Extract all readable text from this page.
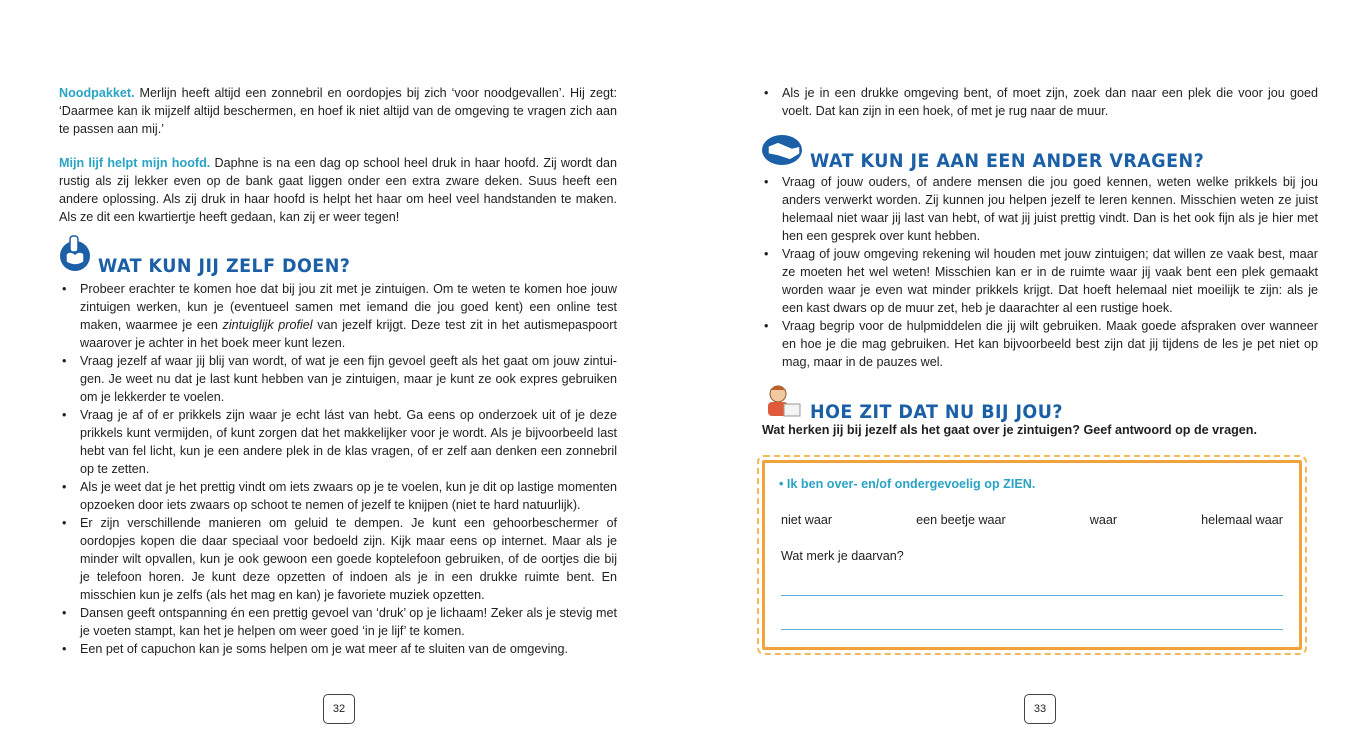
Noodpakket. Merlijn heeft altijd een zonnebril en oordopjes bij zich ‘voor noodgevallen’. Hij zegt: ‘Daarmee kan ik mijzelf altijd beschermen, en hoef ik niet altijd van de omgeving te vragen zich aan te passen aan mij.’

Mijn lijf helpt mijn hoofd. Daphne is na een dag op school heel druk in haar hoofd. Zij wordt dan rustig als zij lekker even op de bank gaat liggen onder een extra zware deken. Suus heeft een andere oplossing. Als zij druk in haar hoofd is helpt het haar om heel veel handstanden te maken. Als ze dit een kwartiertje heeft gedaan, kan zij er weer tegen!

WAT KUN JIJ ZELF DOEN?
• Probeer erachter te komen hoe dat bij jou zit met je zintuigen. Om te weten te komen hoe jouw zintuigen werken, kun je (eventueel samen met iemand die jou goed kent) een online test maken, waarmee je een zintuiglijk profiel van jezelf krijgt. Deze test zit in het autismepaspoort waarover je achter in het boek meer kunt lezen.
• Vraag jezelf af waar jij blij van wordt, of wat je een fijn gevoel geeft als het gaat om jouw zintui-gen. Je weet nu dat je last kunt hebben van je zintuigen, maar je kunt ze ook expres gebruiken om je lekkerder te voelen.
• Vraag je af of er prikkels zijn waar je echt lást van hebt. Ga eens op onderzoek uit of je deze prikkels kunt vermijden, of kunt zorgen dat het makkelijker voor je wordt. Als je bijvoorbeeld last hebt van fel licht, kun je een andere plek in de klas vragen, of er zelf aan denken een zonnebril op te zetten.
• Als je weet dat je het prettig vindt om iets zwaars op je te voelen, kun je dit op lastige momenten opzoeken door iets zwaars op schoot te nemen of jezelf te knijpen (niet te hard natuurlijk).
• Er zijn verschillende manieren om geluid te dempen. Je kunt een gehoorbeschermer of oordopjes kopen die daar speciaal voor bedoeld zijn. Kijk maar eens op internet. Maar als je minder wilt opvallen, kun je ook gewoon een goede koptelefoon gebruiken, of de oortjes die bij je telefoon horen. Je kunt deze opzetten of indoen als je in een drukke ruimte bent. En misschien kun je zelfs (als het mag en kan) je favoriete muziek opzetten.
• Dansen geeft ontspanning én een prettig gevoel van ‘druk’ op je lichaam! Zeker als je stevig met je voeten stampt, kan het je helpen om weer goed ‘in je lijf’ te komen.
• Een pet of capuchon kan je soms helpen om je wat meer af te sluiten van de omgeving.
32
• Als je in een drukke omgeving bent, of moet zijn, zoek dan naar een plek die voor jou goed voelt. Dat kan zijn in een hoek, of met je rug naar de muur.
WAT KUN JE AAN EEN ANDER VRAGEN?
• Vraag of jouw ouders, of andere mensen die jou goed kennen, weten welke prikkels bij jou anders verwerkt worden. Zij kunnen jou helpen jezelf te leren kennen. Misschien weten ze juist helemaal niet waar jij last van hebt, of wat jij juist prettig vindt. Dan is het ook fijn als je hier met hen een gesprek over kunt hebben.
• Vraag of jouw omgeving rekening wil houden met jouw zintuigen; dat willen ze vaak best, maar ze moeten het wel weten! Misschien kan er in de ruimte waar jij vaak bent een plek gemaakt worden waar je even wat minder prikkels krijgt. Dat hoeft helemaal niet moeilijk te zijn: als je een kast dwars op de muur zet, heb je daarachter al een rustige hoek.
• Vraag begrip voor de hulpmiddelen die jij wilt gebruiken. Maak goede afspraken over wanneer en hoe je die mag gebruiken. Het kan bijvoorbeeld best zijn dat jij tijdens de les je pet niet op mag, maar in de pauzes wel.
HOE ZIT DAT NU BIJ JOU?

Wat herken jij bij jezelf als het gaat over je zintuigen? Geef antwoord op de vragen.

• Ik ben over- en/of ondergevoelig op ZIEN.
niet waar	een beetje waar	waar	helemaal waar
Wat merk je daarvan?
33
